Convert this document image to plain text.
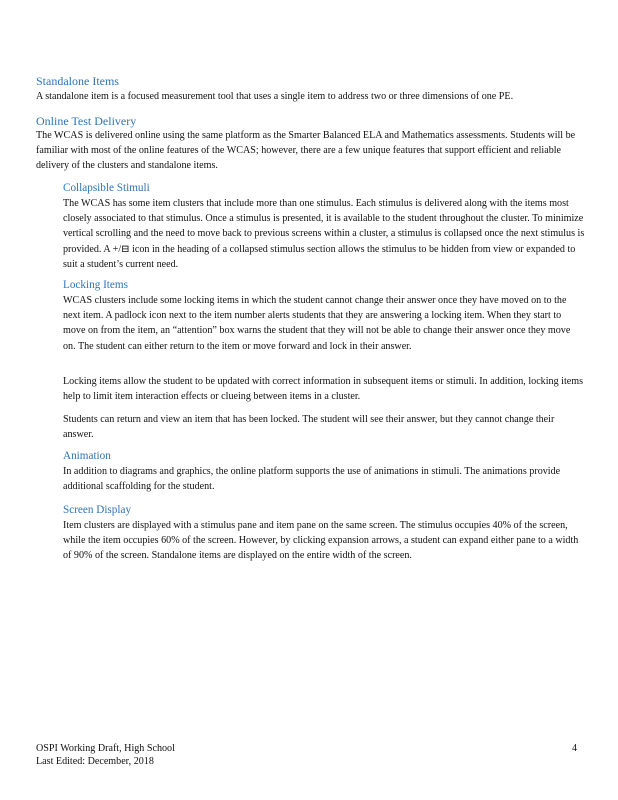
Standalone Items

A standalone item is a focused measurement tool that uses a single item to address two or three dimensions of one PE.

Online Test Delivery

The WCAS is delivered online using the same platform as the Smarter Balanced ELA and Mathematics assessments. Students will be familiar with most of the online features of the WCAS; however, there are a few unique features that support efficient and reliable delivery of the clusters and standalone items.

Collapsible Stimuli

The WCAS has some item clusters that include more than one stimulus. Each stimulus is delivered along with the items most closely associated to that stimulus. Once a stimulus is presented, it is available to the student throughout the cluster. To minimize vertical scrolling and the need to move back to previous screens within a cluster, a stimulus is collapsed once the next stimulus is provided. A +/⊟ icon in the heading of a collapsed stimulus section allows the stimulus to be hidden from view or expanded to suit a student’s current need.

Locking Items

WCAS clusters include some locking items in which the student cannot change their answer once they have moved on to the next item. A padlock icon next to the item number alerts students that they are answering a locking item. When they start to move on from the item, an “attention” box warns the student that they will not be able to change their answer once they move on. The student can either return to the item or move forward and lock in their answer.

Locking items allow the student to be updated with correct information in subsequent items or stimuli. In addition, locking items help to limit item interaction effects or clueing between items in a cluster.

Students can return and view an item that has been locked. The student will see their answer, but they cannot change their answer.

Animation

In addition to diagrams and graphics, the online platform supports the use of animations in stimuli. The animations provide additional scaffolding for the student.

Screen Display

Item clusters are displayed with a stimulus pane and item pane on the same screen. The stimulus occupies 40% of the screen, while the item occupies 60% of the screen. However, by clicking expansion arrows, a student can expand either pane to a width of 90% of the screen. Standalone items are displayed on the entire width of the screen.

OSPI Working Draft, High School
Last Edited: December, 2018
4
